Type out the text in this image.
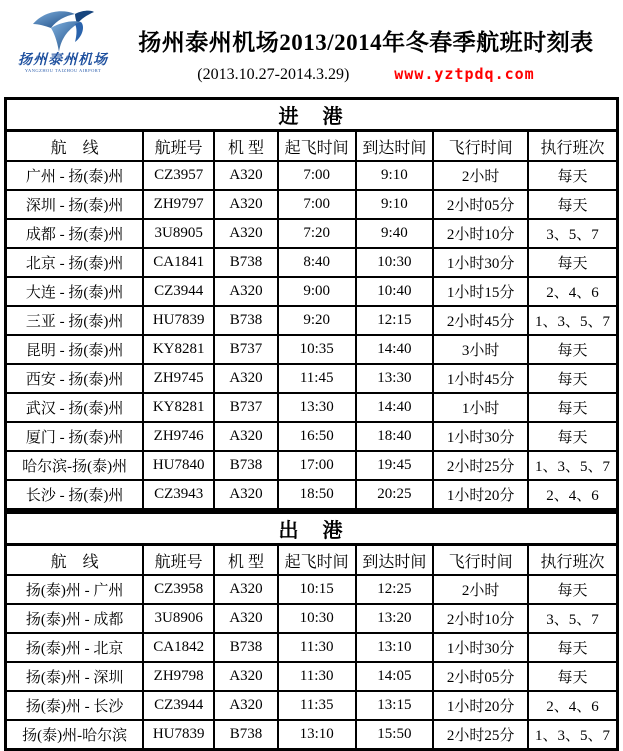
扬州泰州机场
YANGZHOU TAIZHOU AIRPORT
扬州泰州机场2013/2014年冬春季航班时刻表
(2013.10.27-2014.3.29)	www.yztpdq.com
进　港						
航　线	航班号	机 型	起飞时间	到达时间	飞行时间	执行班次
广州 - 扬(泰)州	CZ3957	A320	7:00	9:10	2小时	每天
深圳 - 扬(泰)州	ZH9797	A320	7:00	9:10	2小时05分	每天
成都 - 扬(泰)州	3U8905	A320	7:20	9:40	2小时10分	3、5、7
北京 - 扬(泰)州	CA1841	B738	8:40	10:30	1小时30分	每天
大连 - 扬(泰)州	CZ3944	A320	9:00	10:40	1小时15分	2、4、6
三亚 - 扬(泰)州	HU7839	B738	9:20	12:15	2小时45分	1、3、5、7
昆明 - 扬(泰)州	KY8281	B737	10:35	14:40	3小时	每天
西安 - 扬(泰)州	ZH9745	A320	11:45	13:30	1小时45分	每天
武汉 - 扬(泰)州	KY8281	B737	13:30	14:40	1小时	每天
厦门 - 扬(泰)州	ZH9746	A320	16:50	18:40	1小时30分	每天
哈尔滨-扬(泰)州	HU7840	B738	17:00	19:45	2小时25分	1、3、5、7
长沙 - 扬(泰)州	CZ3943	A320	18:50	20:25	1小时20分	2、4、6
出　港						
航　线	航班号	机 型	起飞时间	到达时间	飞行时间	执行班次
扬(泰)州 - 广州	CZ3958	A320	10:15	12:25	2小时	每天
扬(泰)州 - 成都	3U8906	A320	10:30	13:20	2小时10分	3、5、7
扬(泰)州 - 北京	CA1842	B738	11:30	13:10	1小时30分	每天
扬(泰)州 - 深圳	ZH9798	A320	11:30	14:05	2小时05分	每天
扬(泰)州 - 长沙	CZ3944	A320	11:35	13:15	1小时20分	2、4、6
扬(泰)州-哈尔滨	HU7839	B738	13:10	15:50	2小时25分	1、3、5、7
